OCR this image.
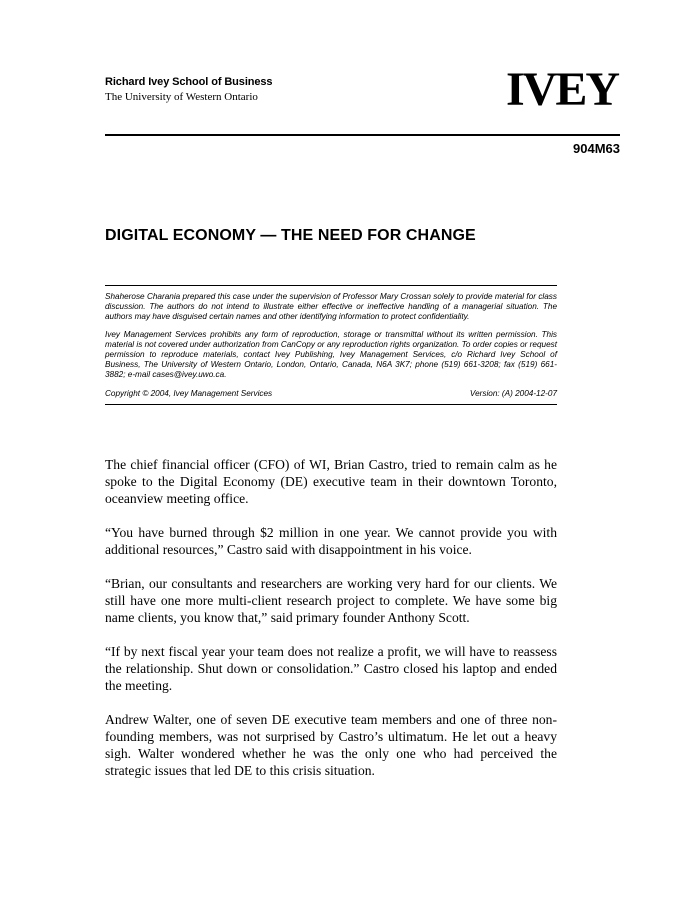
Richard Ivey School of Business
The University of Western Ontario	IVEY
904M63
DIGITAL ECONOMY — THE NEED FOR CHANGE

Shaherose Charania prepared this case under the supervision of Professor Mary Crossan solely to provide material for class discussion. The authors do not intend to illustrate either effective or ineffective handling of a managerial situation. The authors may have disguised certain names and other identifying information to protect confidentiality.

Ivey Management Services prohibits any form of reproduction, storage or transmittal without its written permission. This material is not covered under authorization from CanCopy or any reproduction rights organization. To order copies or request permission to reproduce materials, contact Ivey Publishing, Ivey Management Services, c/o Richard Ivey School of Business, The University of Western Ontario, London, Ontario, Canada, N6A 3K7; phone (519) 661-3208; fax (519) 661-3882; e-mail cases@ivey.uwo.ca.

Copyright © 2004, Ivey Management Services	Version: (A) 2004-12-07

The chief financial officer (CFO) of WI, Brian Castro, tried to remain calm as he spoke to the Digital Economy (DE) executive team in their downtown Toronto, oceanview meeting office.

“You have burned through $2 million in one year. We cannot provide you with additional resources,” Castro said with disappointment in his voice.

“Brian, our consultants and researchers are working very hard for our clients. We still have one more multi-client research project to complete. We have some big name clients, you know that,” said primary founder Anthony Scott.

“If by next fiscal year your team does not realize a profit, we will have to reassess the relationship. Shut down or consolidation.” Castro closed his laptop and ended the meeting.

Andrew Walter, one of seven DE executive team members and one of three non-founding members, was not surprised by Castro’s ultimatum. He let out a heavy sigh. Walter wondered whether he was the only one who had perceived the strategic issues that led DE to this crisis situation.
